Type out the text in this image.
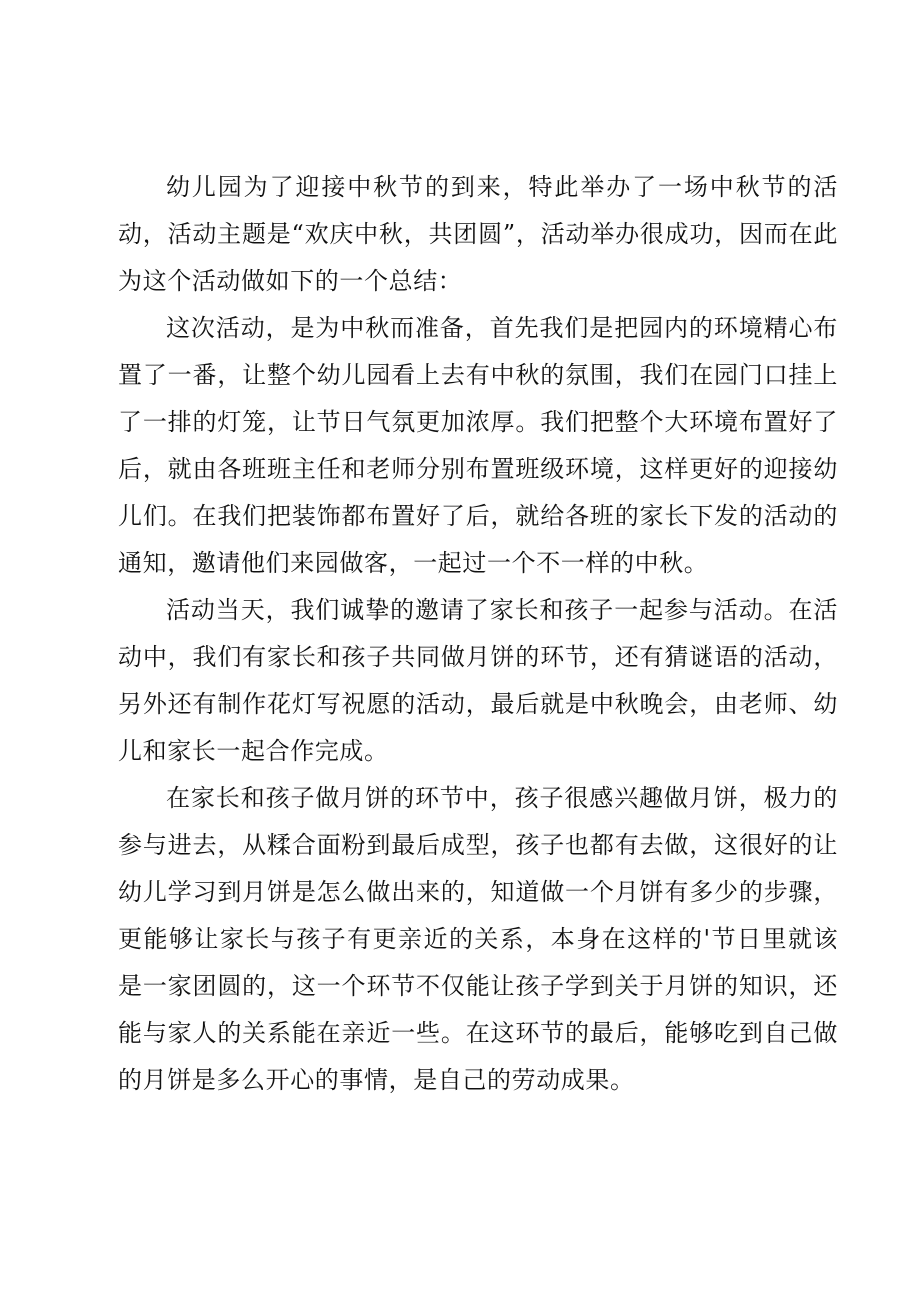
幼儿园为了迎接中秋节的到来，特此举办了一场中秋节的活动，活动主题是“欢庆中秋，共团圆”，活动举办很成功，因而在此为这个活动做如下的一个总结：

这次活动，是为中秋而准备，首先我们是把园内的环境精心布置了一番，让整个幼儿园看上去有中秋的氛围，我们在园门口挂上了一排的灯笼，让节日气氛更加浓厚。我们把整个大环境布置好了后，就由各班班主任和老师分别布置班级环境，这样更好的迎接幼儿们。在我们把装饰都布置好了后，就给各班的家长下发的活动的通知，邀请他们来园做客，一起过一个不一样的中秋。

活动当天，我们诚挚的邀请了家长和孩子一起参与活动。在活动中，我们有家长和孩子共同做月饼的环节，还有猜谜语的活动，另外还有制作花灯写祝愿的活动，最后就是中秋晚会，由老师、幼儿和家长一起合作完成。

在家长和孩子做月饼的环节中，孩子很感兴趣做月饼，极力的参与进去，从糅合面粉到最后成型，孩子也都有去做，这很好的让幼儿学习到月饼是怎么做出来的，知道做一个月饼有多少的步骤，更能够让家长与孩子有更亲近的关系，本身在这样的'节日里就该是一家团圆的，这一个环节不仅能让孩子学到关于月饼的知识，还能与家人的关系能在亲近一些。在这环节的最后，能够吃到自己做的月饼是多么开心的事情，是自己的劳动成果。
